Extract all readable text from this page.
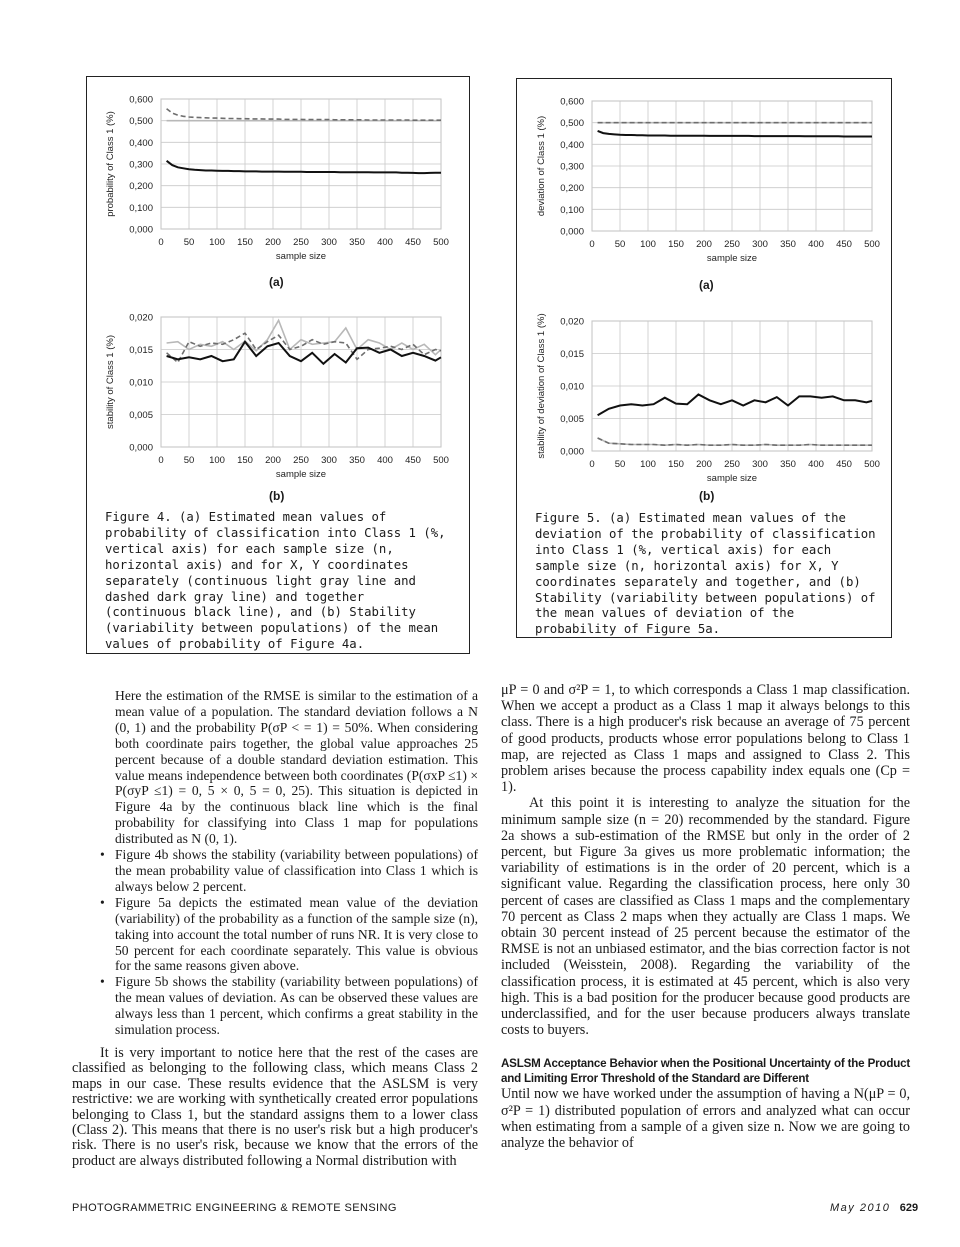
0,000
0,100
0,200
0,300
0,400
0,500
0,600
0 50 100 150 200 250 300 350 400 450 500
sample size
probability of Class 1 (%)
(a)
0,000
0,005
0,010
0,015
0,020
0 50 100 150 200 250 300 350 400 450 500
sample size
stability of Class 1 (%)
(b)
Figure 4. (a) Estimated mean values of probability of classification into Class 1 (%, vertical axis) for each sample size (n, horizontal axis) and for X, Y coordinates separately (continuous light gray line and dashed dark gray line) and together (continuous black line), and (b) Stability (variability between populations) of the mean values of probability of Figure 4a.
0,000
0,100
0,200
0,300
0,400
0,500
0,600
0 50 100 150 200 250 300 350 400 450 500
sample size
deviation of Class 1 (%)
(a)
0,000
0,005
0,010
0,015
0,020
0 50 100 150 200 250 300 350 400 450 500
sample size
stability of deviation of Class 1 (%)
(b)
Figure 5. (a) Estimated mean values of the deviation of the probability of classification into Class 1 (%, vertical axis) for each sample size (n, horizontal axis) for X, Y coordinates separately and together, and (b) Stability (variability between populations) of the mean values of deviation of the probability of Figure 5a.

Here the estimation of the RMSE is similar to the estimation of a mean value of a population. The standard deviation follows a N (0, 1) and the probability P(σP < = 1) = 50%. When considering both coordinate pairs together, the global value approaches 25 percent because of a double standard deviation estimation. This value means independence between both coordinates (P(σxP ≤1) × P(σyP ≤1) = 0, 5 × 0, 5 = 0, 25). This situation is depicted in Figure 4a by the continuous black line which is the final probability for classifying into Class 1 map for populations distributed as N (0, 1).

• Figure 4b shows the stability (variability between populations) of the mean probability value of classification into Class 1 which is always below 2 percent.
• Figure 5a depicts the estimated mean value of the deviation (variability) of the probability as a function of the sample size (n), taking into account the total number of runs NR. It is very close to 50 percent for each coordinate separately. This value is obvious for the same reasons given above.
• Figure 5b shows the stability (variability between populations) of the mean values of deviation. As can be observed these values are always less than 1 percent, which confirms a great stability in the simulation process.

It is very important to notice here that the rest of the cases are classified as belonging to the following class, which means Class 2 maps in our case. These results evidence that the ASLSM is very restrictive: we are working with synthetically created error populations belonging to Class 1, but the standard assigns them to a lower class (Class 2). This means that there is no user's risk but a high producer's risk. There is no user's risk, because we know that the errors of the product are always distributed following a Normal distribution with

μP = 0 and σ²P = 1, to which corresponds a Class 1 map classification. When we accept a product as a Class 1 map it always belongs to this class. There is a high producer's risk because an average of 75 percent of good products, products whose error populations belong to Class 1 map, are rejected as Class 1 maps and assigned to Class 2. This problem arises because the process capability index equals one (Cp = 1).

At this point it is interesting to analyze the situation for the minimum sample size (n = 20) recommended by the standard. Figure 2a shows a sub-estimation of the RMSE but only in the order of 2 percent, but Figure 3a gives us more problematic information; the variability of estimations is in the order of 20 percent, which is a significant value. Regarding the classification process, here only 30 percent of cases are classified as Class 1 maps and the complementary 70 percent as Class 2 maps when they actually are Class 1 maps. We obtain 30 percent instead of 25 percent because the estimator of the RMSE is not an unbiased estimator, and the bias correction factor is not included (Weisstein, 2008). Regarding the variability of the classification process, it is estimated at 45 percent, which is also very high. This is a bad position for the producer because good products are underclassified, and for the user because producers always translate costs to buyers.

ASLSM Acceptance Behavior when the Positional Uncertainty of the Product and Limiting Error Threshold of the Standard are Different

Until now we have worked under the assumption of having a N(μP = 0, σ²P = 1) distributed population of errors and analyzed what can occur when estimating from a sample of a given size n. Now we are going to analyze the behavior of

PHOTOGRAMMETRIC ENGINEERING & REMOTE SENSING	May 2010 629
